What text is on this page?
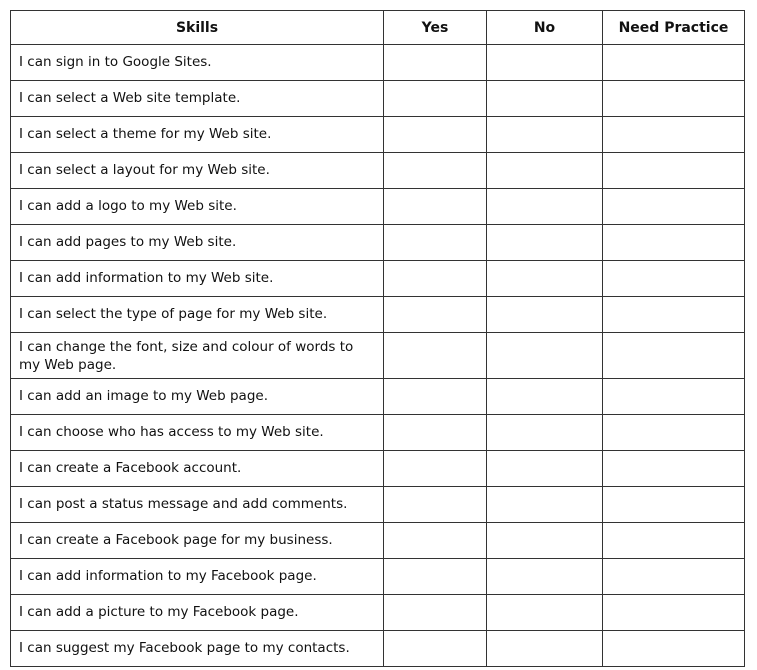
Skills	Yes	No	Need Practice
I can sign in to Google Sites.			
I can select a Web site template.			
I can select a theme for my Web site.			
I can select a layout for my Web site.			
I can add a logo to my Web site.			
I can add pages to my Web site.			
I can add information to my Web site.			
I can select the type of page for my Web site.			
I can change the font, size and colour of words to my Web page.			
I can add an image to my Web page.			
I can choose who has access to my Web site.			
I can create a Facebook account.			
I can post a status message and add comments.			
I can create a Facebook page for my business.			
I can add information to my Facebook page.			
I can add a picture to my Facebook page.			
I can suggest my Facebook page to my contacts.			
